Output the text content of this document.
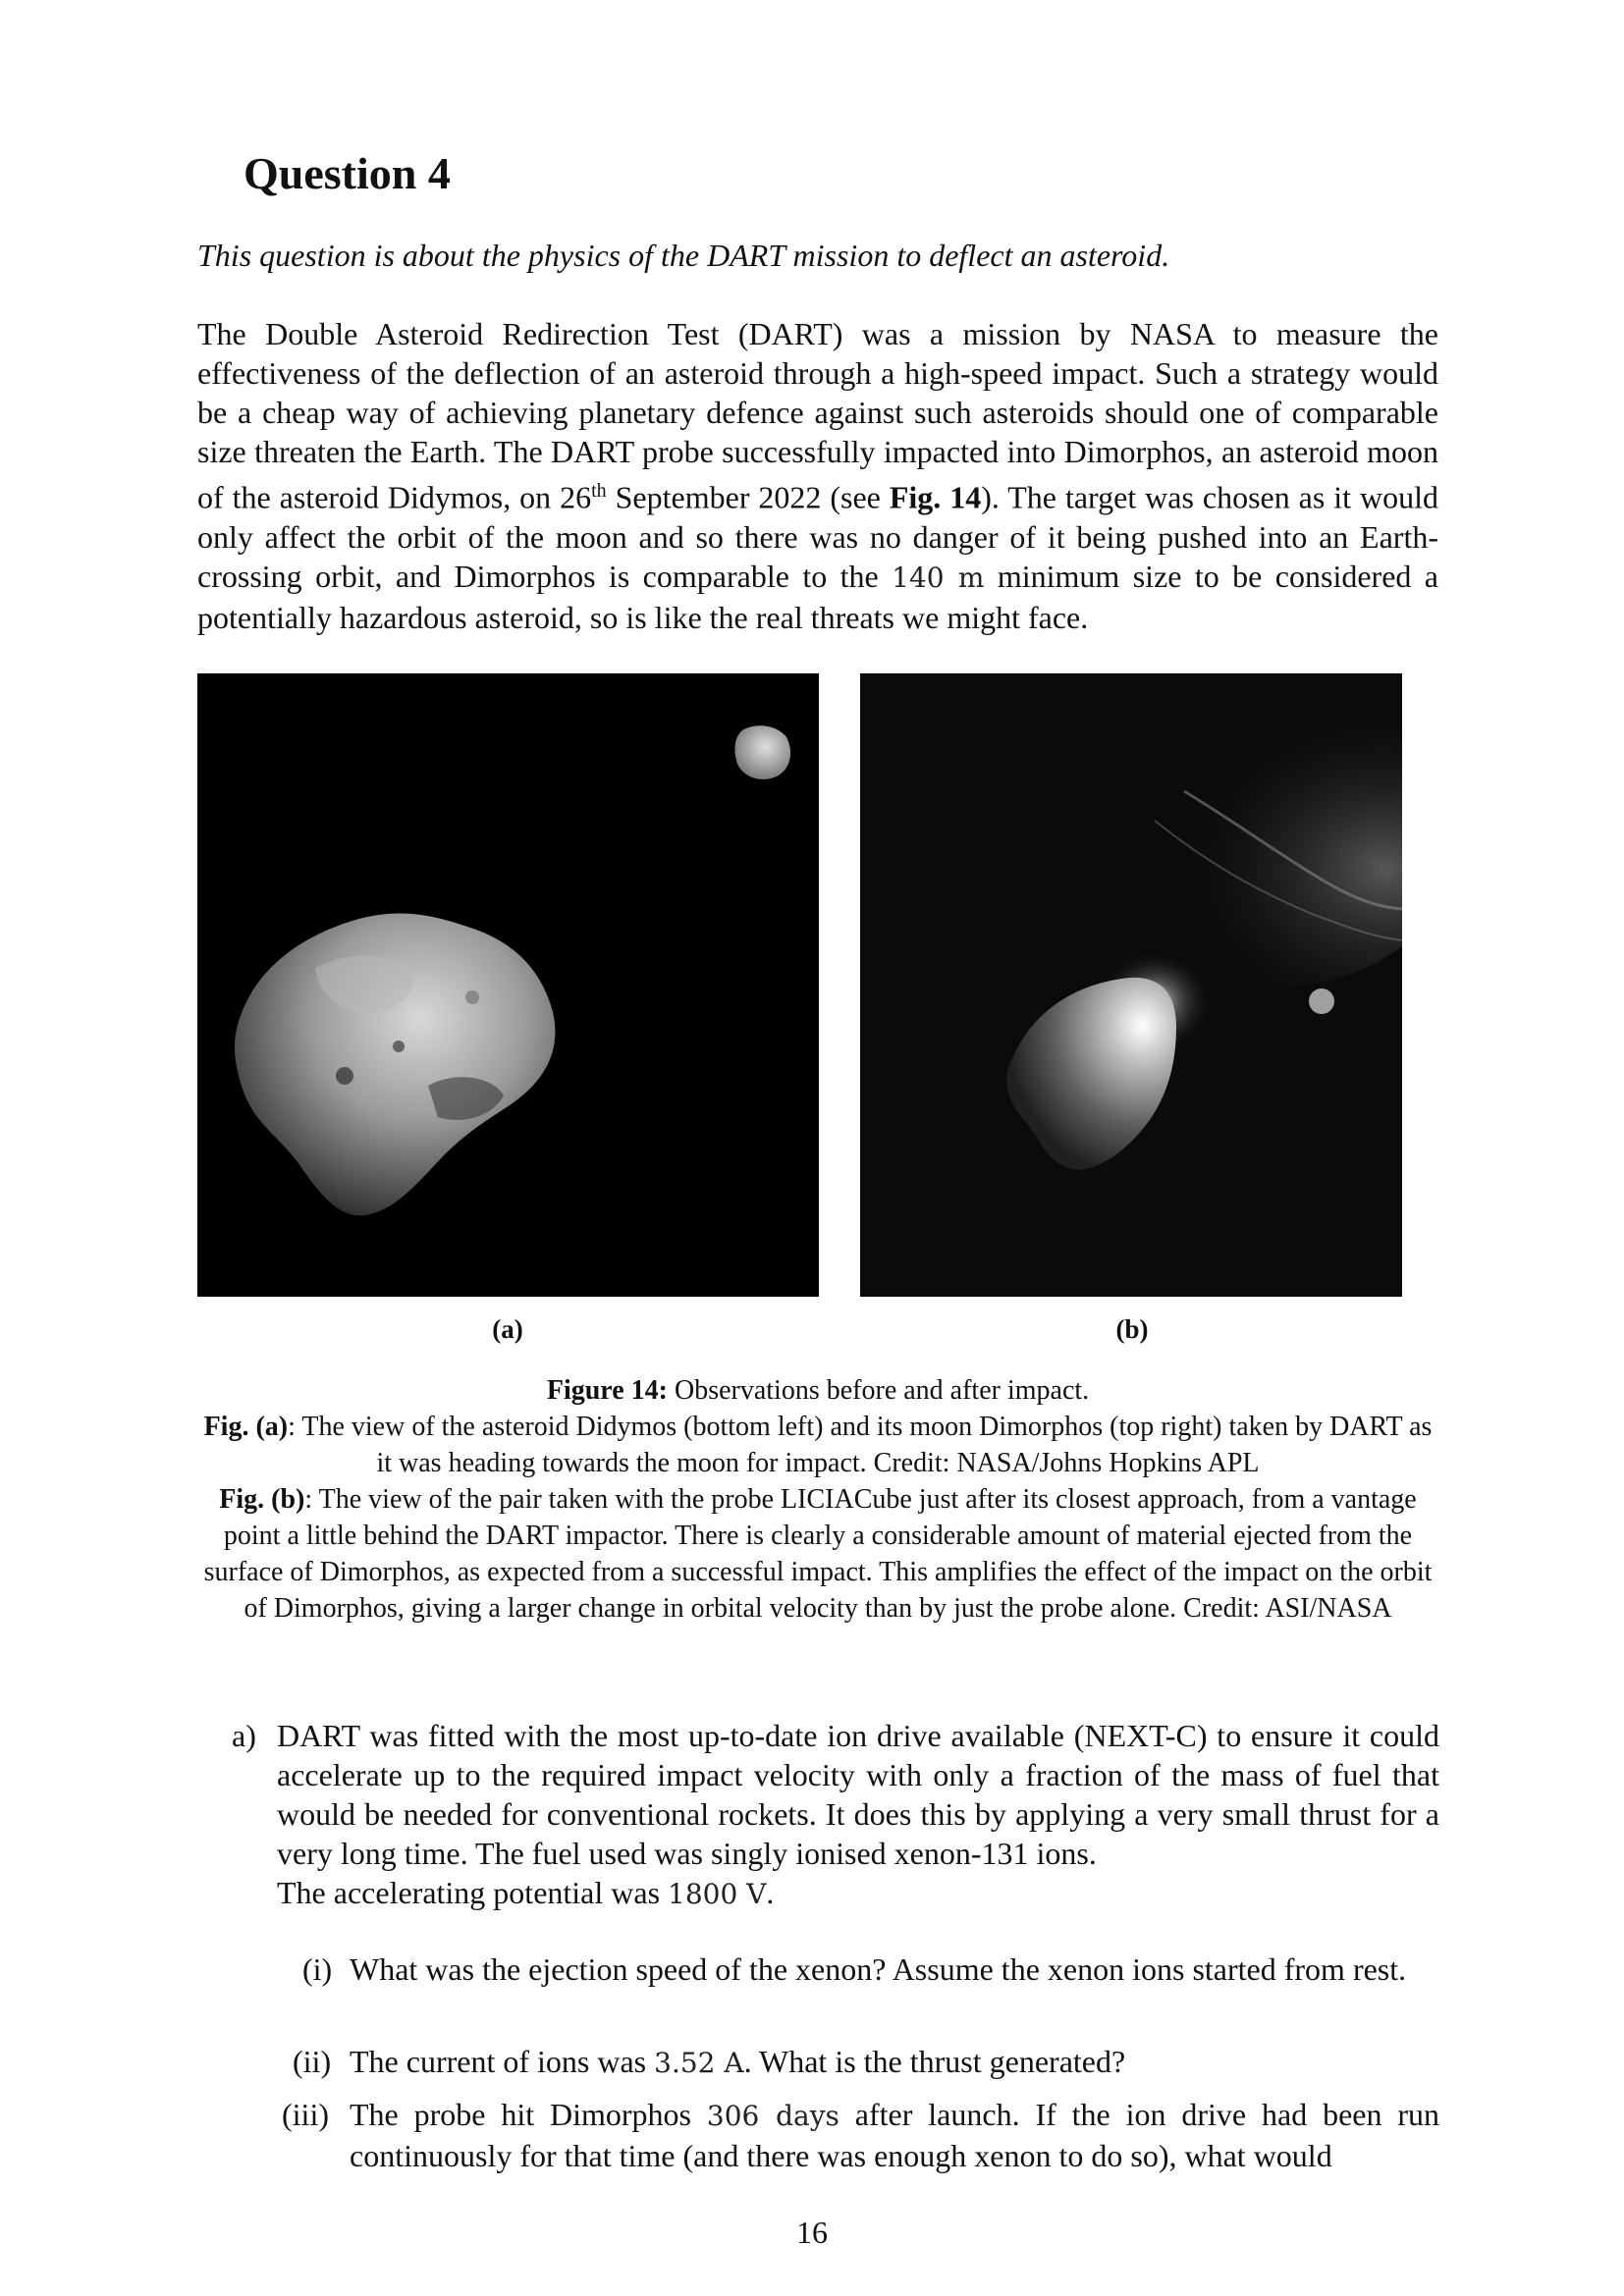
Question 4
This question is about the physics of the DART mission to deflect an asteroid.
The Double Asteroid Redirection Test (DART) was a mission by NASA to measure the effectiveness of the deflection of an asteroid through a high-speed impact. Such a strategy would be a cheap way of achieving planetary defence against such asteroids should one of comparable size threaten the Earth. The DART probe successfully impacted into Dimorphos, an asteroid moon of the asteroid Didymos, on 26th September 2022 (see Fig. 14). The target was chosen as it would only affect the orbit of the moon and so there was no danger of it being pushed into an Earth-crossing orbit, and Dimorphos is comparable to the 140 m minimum size to be considered a potentially hazardous asteroid, so is like the real threats we might face.
(a)	(b)
Figure 14: Observations before and after impact.
Fig. (a): The view of the asteroid Didymos (bottom left) and its moon Dimorphos (top right) taken by DART as it was heading towards the moon for impact. Credit: NASA/Johns Hopkins APL
Fig. (b): The view of the pair taken with the probe LICIACube just after its closest approach, from a vantage point a little behind the DART impactor. There is clearly a considerable amount of material ejected from the surface of Dimorphos, as expected from a successful impact. This amplifies the effect of the impact on the orbit of Dimorphos, giving a larger change in orbital velocity than by just the probe alone. Credit: ASI/NASA
a) DART was fitted with the most up-to-date ion drive available (NEXT-C) to ensure it could accelerate up to the required impact velocity with only a fraction of the mass of fuel that would be needed for conventional rockets. It does this by applying a very small thrust for a very long time. The fuel used was singly ionised xenon-131 ions.
The accelerating potential was 1800 V.
(i) What was the ejection speed of the xenon? Assume the xenon ions started from rest.
(ii) The current of ions was 3.52 A. What is the thrust generated?
(iii) The probe hit Dimorphos 306 days after launch. If the ion drive had been run continuously for that time (and there was enough xenon to do so), what would
16
